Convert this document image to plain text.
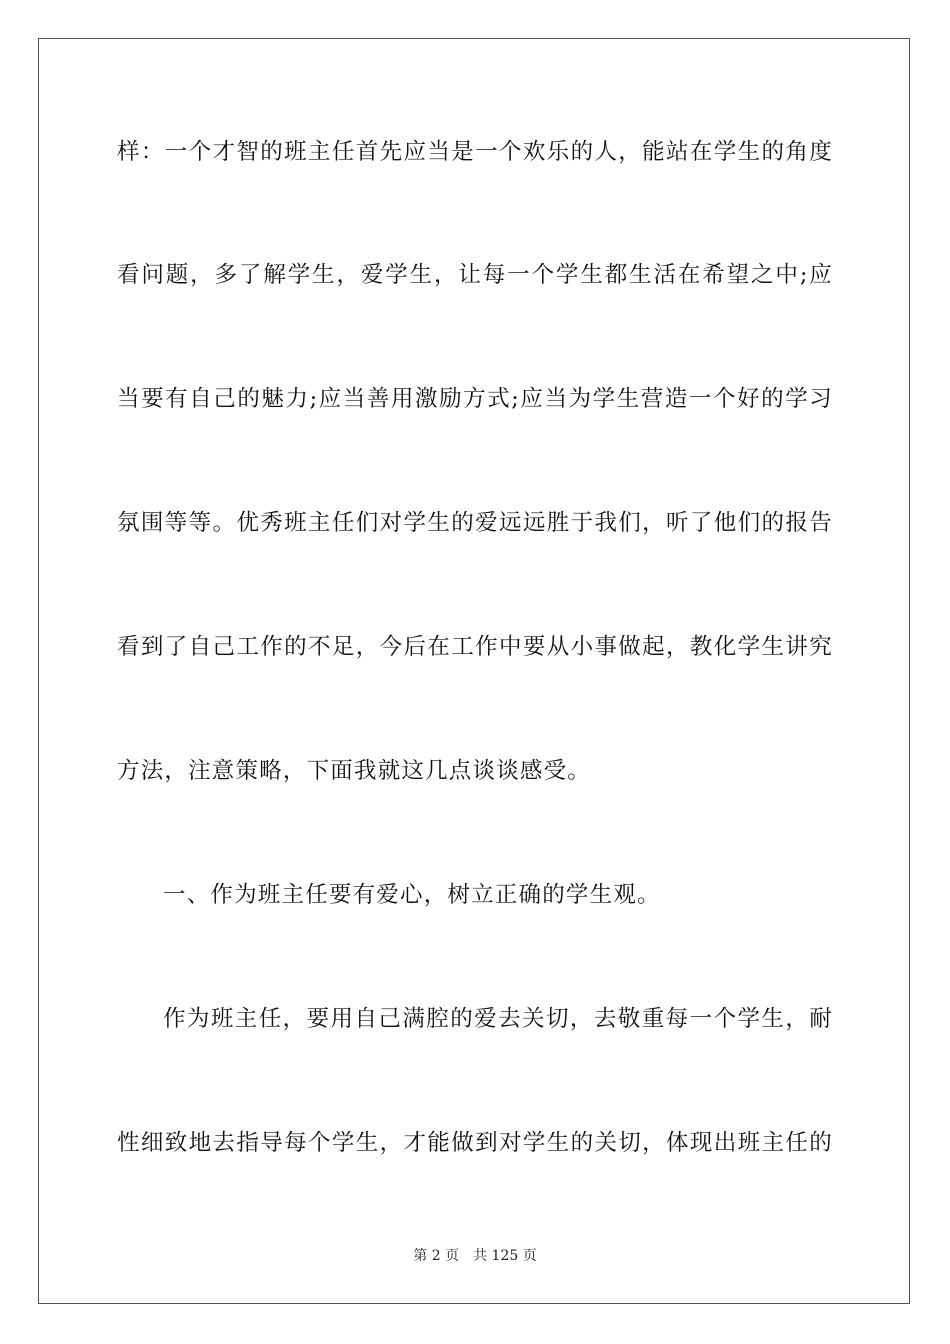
样：一个才智的班主任首先应当是一个欢乐的人，能站在学生的角度
看问题，多了解学生，爱学生，让每一个学生都生活在希望之中;应
当要有自己的魅力;应当善用激励方式;应当为学生营造一个好的学习
氛围等等。优秀班主任们对学生的爱远远胜于我们，听了他们的报告
看到了自己工作的不足，今后在工作中要从小事做起，教化学生讲究
方法，注意策略，下面我就这几点谈谈感受。
一、作为班主任要有爱心，树立正确的学生观。
作为班主任，要用自己满腔的爱去关切，去敬重每一个学生，耐
性细致地去指导每个学生，才能做到对学生的关切，体现出班主任的
第 2 页 共 125 页
